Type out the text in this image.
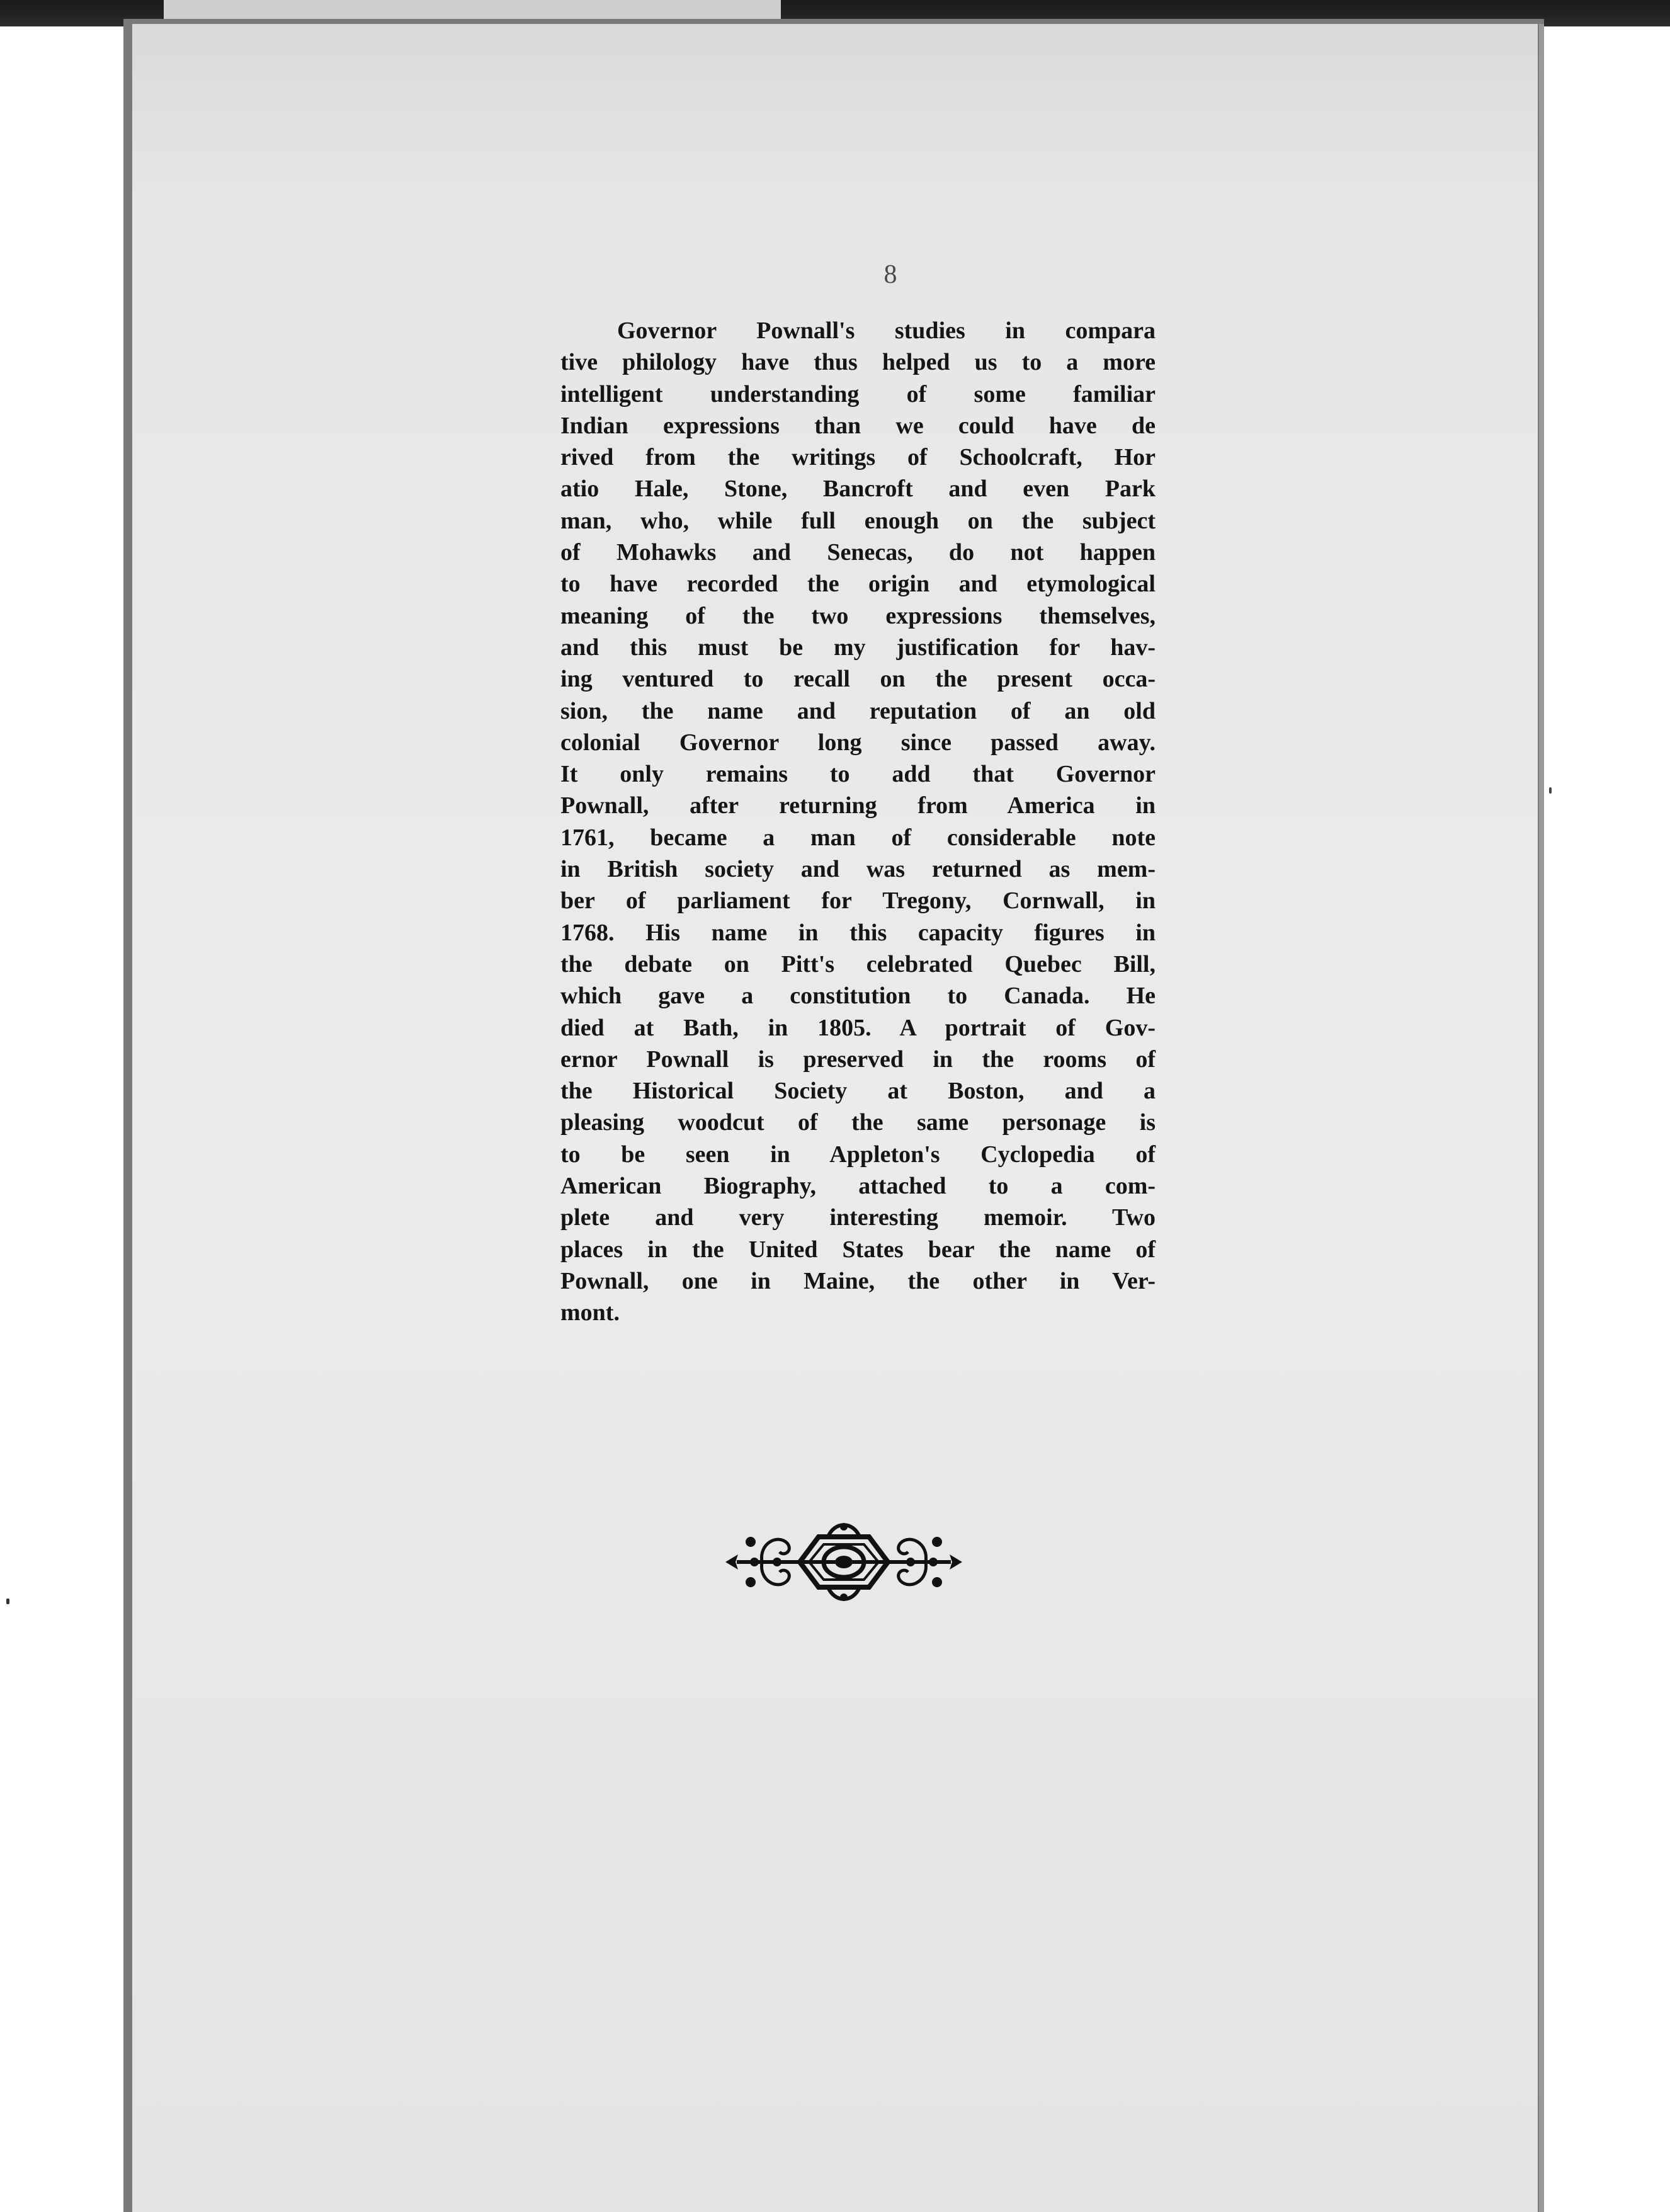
8
Governor Pownall's studies in compara
tive philology have thus helped us to a more
intelligent understanding of some familiar
Indian expressions than we could have de
rived from the writings of Schoolcraft, Hor
atio Hale, Stone, Bancroft and even Park
man, who, while full enough on the subject
of Mohawks and Senecas, do not happen
to have recorded the origin and etymological
meaning of the two expressions themselves,
and this must be my justification for hav-
ing ventured to recall on the present occa-
sion, the name and reputation of an old
colonial Governor long since passed away.
It only remains to add that Governor
Pownall, after returning from America in
1761, became a man of considerable note
in British society and was returned as mem-
ber of parliament for Tregony, Cornwall, in
1768. His name in this capacity figures in
the debate on Pitt's celebrated Quebec Bill,
which gave a constitution to Canada. He
died at Bath, in 1805. A portrait of Gov-
ernor Pownall is preserved in the rooms of
the Historical Society at Boston, and a
pleasing woodcut of the same personage is
to be seen in Appleton's Cyclopedia of
American Biography, attached to a com-
plete and very interesting memoir. Two
places in the United States bear the name of
Pownall, one in Maine, the other in Ver-
mont.
